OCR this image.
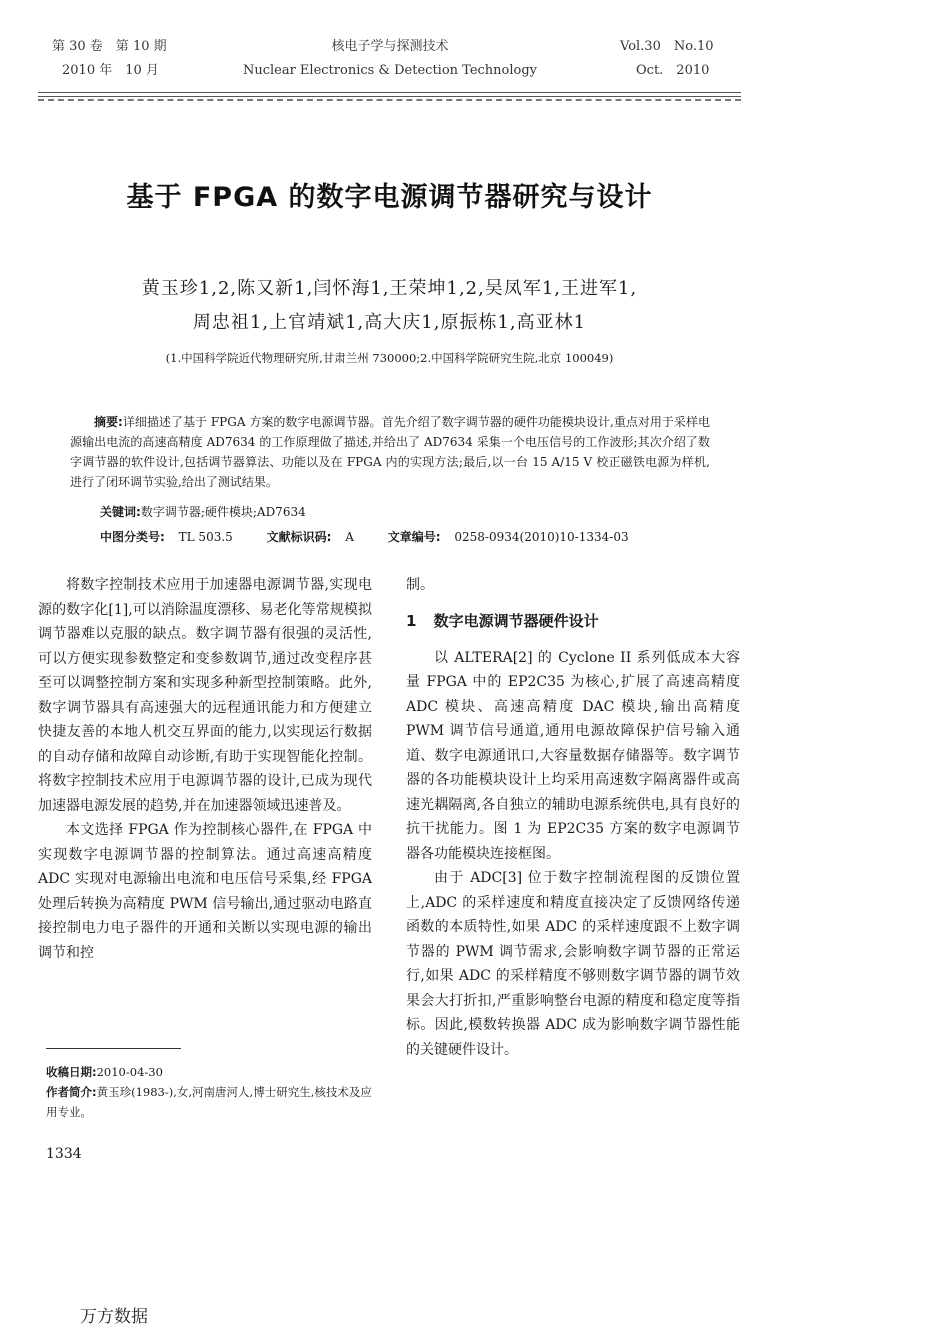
第 30 卷　第 10 期
2010 年　10 月
核电子学与探测技术
Nuclear Electronics & Detection Technology
Vol.30　No.10
Oct.　2010
基于 FPGA 的数字电源调节器研究与设计
黄玉珍1,2,陈又新1,闫怀海1,王荣坤1,2,吴凤军1,王进军1,
周忠祖1,上官靖斌1,高大庆1,原振栋1,高亚林1
(1.中国科学院近代物理研究所,甘肃兰州 730000;2.中国科学院研究生院,北京 100049)
摘要:详细描述了基于 FPGA 方案的数字电源调节器。首先介绍了数字调节器的硬件功能模块设计,重点对用于采样电源输出电流的高速高精度 AD7634 的工作原理做了描述,并给出了 AD7634 采集一个电压信号的工作波形;其次介绍了数字调节器的软件设计,包括调节器算法、功能以及在 FPGA 内的实现方法;最后,以一台 15 A/15 V 校正磁铁电源为样机,进行了闭环调节实验,给出了测试结果。
关键词:数字调节器;硬件模块;AD7634
中图分类号: TL 503.5	文献标识码: A	文章编号: 0258-0934(2010)10-1334-03

将数字控制技术应用于加速器电源调节器,实现电源的数字化[1],可以消除温度漂移、易老化等常规模拟调节器难以克服的缺点。数字调节器有很强的灵活性,可以方便实现参数整定和变参数调节,通过改变程序甚至可以调整控制方案和实现多种新型控制策略。此外,数字调节器具有高速强大的远程通讯能力和方便建立快捷友善的本地人机交互界面的能力,以实现运行数据的自动存储和故障自动诊断,有助于实现智能化控制。将数字控制技术应用于电源调节器的设计,已成为现代加速器电源发展的趋势,并在加速器领域迅速普及。

本文选择 FPGA 作为控制核心器件,在 FPGA 中实现数字电源调节器的控制算法。通过高速高精度 ADC 实现对电源输出电流和电压信号采集,经 FPGA 处理后转换为高精度 PWM 信号输出,通过驱动电路直接控制电力电子器件的开通和关断以实现电源的输出调节和控

制。

1 数字电源调节器硬件设计

以 ALTERA[2] 的 Cyclone II 系列低成本大容量 FPGA 中的 EP2C35 为核心,扩展了高速高精度 ADC 模块、高速高精度 DAC 模块,输出高精度 PWM 调节信号通道,通用电源故障保护信号输入通道、数字电源通讯口,大容量数据存储器等。数字调节器的各功能模块设计上均采用高速数字隔离器件或高速光耦隔离,各自独立的辅助电源系统供电,具有良好的抗干扰能力。图 1 为 EP2C35 方案的数字电源调节器各功能模块连接框图。

由于 ADC[3] 位于数字控制流程图的反馈位置上,ADC 的采样速度和精度直接决定了反馈网络传递函数的本质特性,如果 ADC 的采样速度跟不上数字调节器的 PWM 调节需求,会影响数字调节器的正常运行,如果 ADC 的采样精度不够则数字调节器的调节效果会大打折扣,严重影响整台电源的精度和稳定度等指标。因此,模数转换器 ADC 成为影响数字调节器性能的关键硬件设计。

收稿日期:2010-04-30
作者简介:黄玉珍(1983-),女,河南唐河人,博士研究生,核技术及应用专业。
1334
万方数据
